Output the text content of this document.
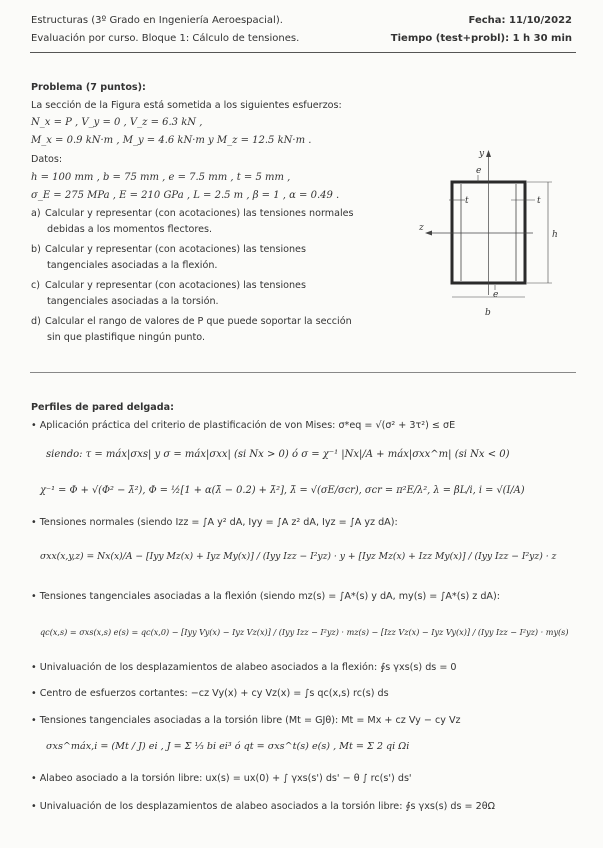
Estructuras (3º Grado en Ingeniería Aeroespacial).
Evaluación por curso. Bloque 1: Cálculo de tensiones.
Fecha: 11/10/2022
Tiempo (test+probl): 1 h 30 min
Problema (7 puntos):
La sección de la Figura está sometida a los siguientes esfuerzos:
N_x = P , V_y = 0 , V_z = 6.3 kN ,
M_x = 0.9 kN·m , M_y = 4.6 kN·m y M_z = 12.5 kN·m .
Datos:
h = 100 mm , b = 75 mm , e = 7.5 mm , t = 5 mm ,
σ_E = 275 MPa , E = 210 GPa , L = 2.5 m , β = 1 , α = 0.49 .
a) Calcular y representar (con acotaciones) las tensiones normales
debidas a los momentos flectores.
b) Calcular y representar (con acotaciones) las tensiones
tangenciales asociadas a la flexión.
c) Calcular y representar (con acotaciones) las tensiones
tangenciales asociadas a la torsión.
d) Calcular el rango de valores de P que puede soportar la sección
sin que plastifique ningún punto.
y
z
e
e
t	t
h
b
Perfiles de pared delgada:
• Aplicación práctica del criterio de plastificación de von Mises: σ*eq = √(σ² + 3τ²) ≤ σE
siendo: τ = máx|σxs| y σ = máx|σxx| (si Nx > 0) ó σ = χ⁻¹ |Nx|/A + máx|σxx^m| (si Nx < 0)
χ⁻¹ = Φ + √(Φ² − λ̄²), Φ = ½[1 + α(λ̄ − 0.2) + λ̄²], λ̄ = √(σE/σcr), σcr = π²E/λ², λ = βL/i, i = √(I/A)
• Tensiones normales (siendo Izz = ∫A y² dA, Iyy = ∫A z² dA, Iyz = ∫A yz dA):
σxx(x,y,z) = Nx(x)/A − [Iyy Mz(x) + Iyz My(x)] / (Iyy Izz − I²yz) · y + [Iyz Mz(x) + Izz My(x)] / (Iyy Izz − I²yz) · z
• Tensiones tangenciales asociadas a la flexión (siendo mz(s) = ∫A*(s) y dA, my(s) = ∫A*(s) z dA):
qc(x,s) = σxs(x,s) e(s) = qc(x,0) − [Iyy Vy(x) − Iyz Vz(x)] / (Iyy Izz − I²yz) · mz(s) − [Izz Vz(x) − Iyz Vy(x)] / (Iyy Izz − I²yz) · my(s)
• Univaluación de los desplazamientos de alabeo asociados a la flexión: ∮s γxs(s) ds = 0
• Centro de esfuerzos cortantes: −cz Vy(x) + cy Vz(x) = ∫s qc(x,s) rc(s) ds
• Tensiones tangenciales asociadas a la torsión libre (Mt = GJθ): Mt = Mx + cz Vy − cy Vz
σxs^máx,i = (Mt / J) ei , J = Σ ⅓ bi ei³ ó qt = σxs^t(s) e(s) , Mt = Σ 2 qi Ωi
• Alabeo asociado a la torsión libre: ux(s) = ux(0) + ∫ γxs(s') ds' − θ ∫ rc(s') ds'
• Univaluación de los desplazamientos de alabeo asociados a la torsión libre: ∮s γxs(s) ds = 2θΩ
